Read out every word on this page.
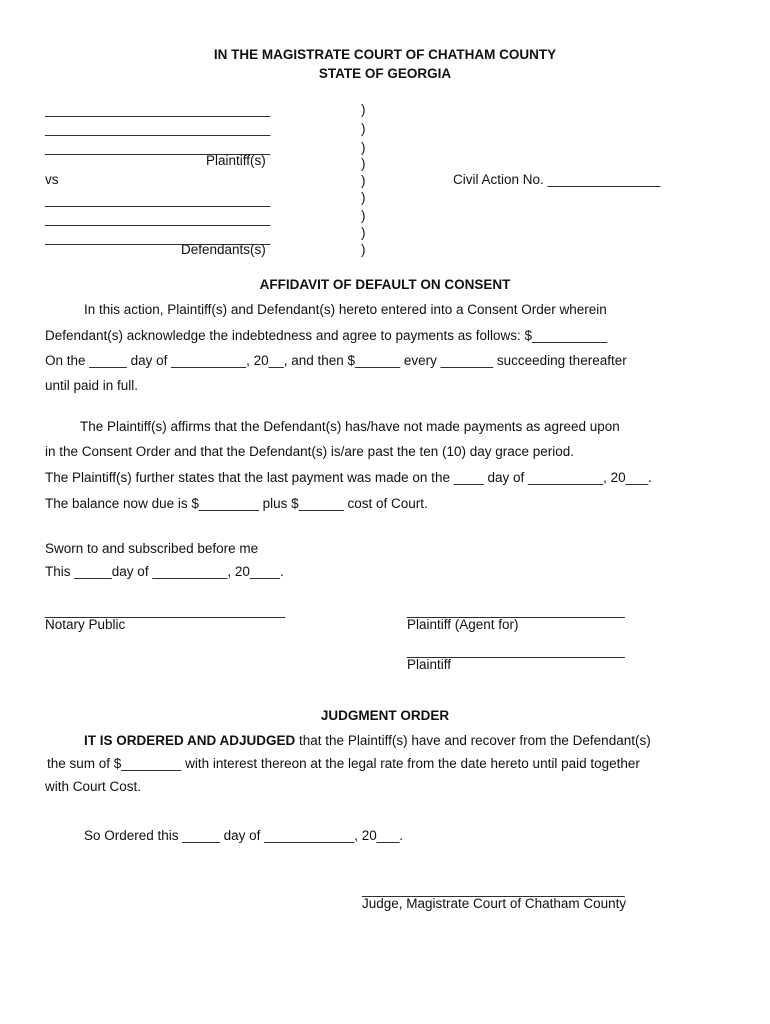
IN THE MAGISTRATE COURT OF CHATHAM COUNTY
STATE OF GEORGIA
______________________________
______________________________
______________________________
Plaintiff(s)
vs
______________________________
______________________________
______________________________
Defendants(s)
)
)
)
)
)
)
)
)
)
Civil Action No. _______________
AFFIDAVIT OF DEFAULT ON CONSENT
In this action, Plaintiff(s) and Defendant(s) hereto entered into a Consent Order wherein
Defendant(s) acknowledge the indebtedness and agree to payments as follows: $__________
On the _____ day of __________, 20__, and then $______ every _______ succeeding thereafter
until paid in full.
The Plaintiff(s) affirms that the Defendant(s) has/have not made payments as agreed upon
in the Consent Order and that the Defendant(s) is/are past the ten (10) day grace period.
The Plaintiff(s) further states that the last payment was made on the ____ day of __________, 20___.
The balance now due is $________ plus $______ cost of Court.
Sworn to and subscribed before me
This _____day of __________, 20____.
________________________________
Notary Public
_____________________________
Plaintiff (Agent for)
_____________________________
Plaintiff
JUDGMENT ORDER
IT IS ORDERED AND ADJUDGED that the Plaintiff(s) have and recover from the Defendant(s)
the sum of $________ with interest thereon at the legal rate from the date hereto until paid together
with Court Cost.
So Ordered this _____ day of ____________, 20___.
___________________________________
Judge, Magistrate Court of Chatham County
